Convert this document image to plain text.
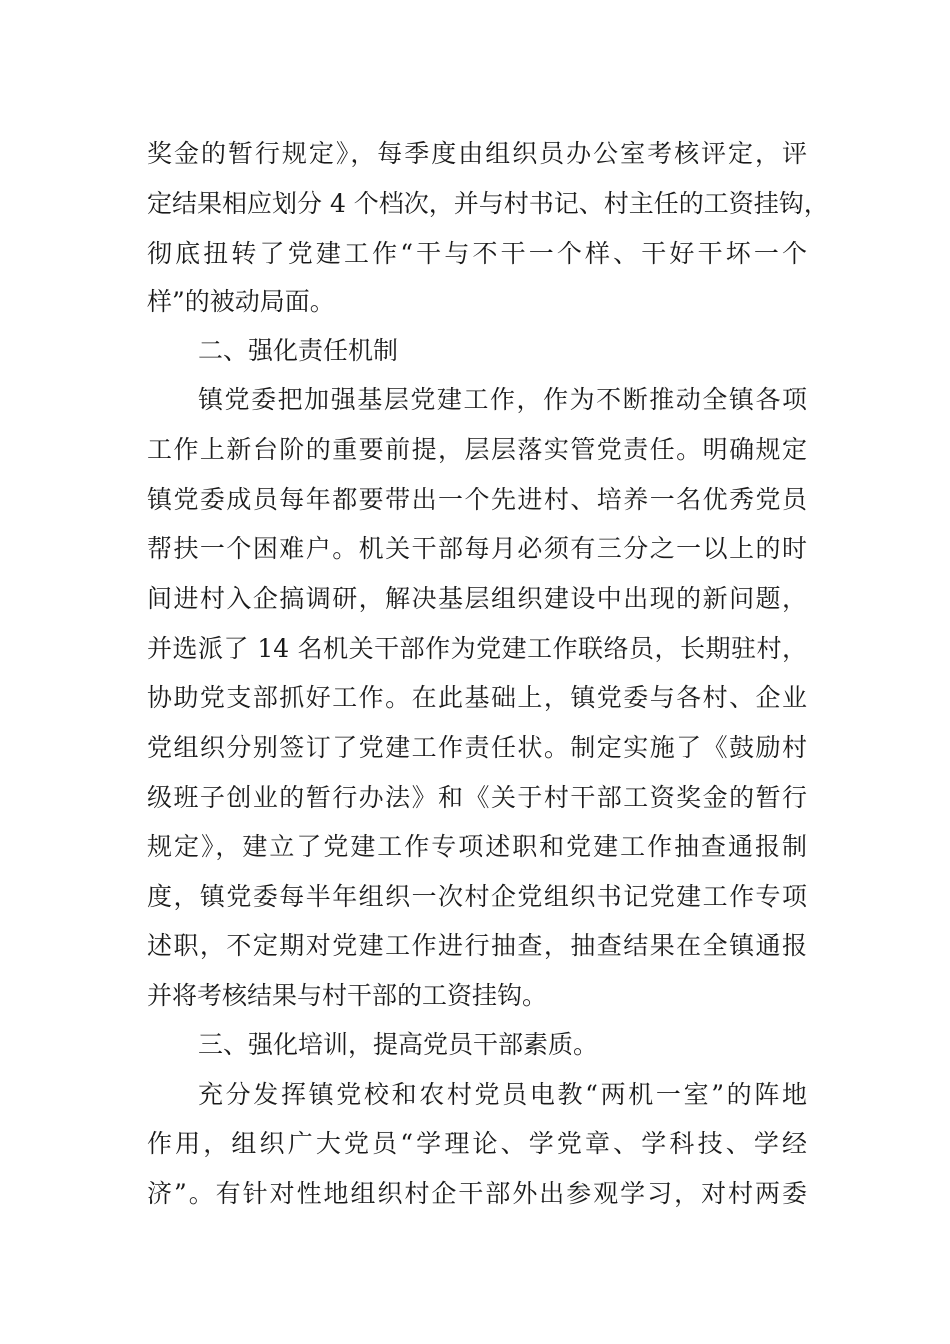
奖金的暂行规定》，每季度由组织员办公室考核评定，评
定结果相应划分 4 个档次，并与村书记、村主任的工资挂钩，
彻底扭转了党建工作“干与不干一个样、干好干坏一个
样”的被动局面。
二、强化责任机制
镇党委把加强基层党建工作，作为不断推动全镇各项
工作上新台阶的重要前提，层层落实管党责任。明确规定
镇党委成员每年都要带出一个先进村、培养一名优秀党员
帮扶一个困难户。机关干部每月必须有三分之一以上的时
间进村入企搞调研，解决基层组织建设中出现的新问题，
并选派了 14 名机关干部作为党建工作联络员，长期驻村，
协助党支部抓好工作。在此基础上，镇党委与各村、企业
党组织分别签订了党建工作责任状。制定实施了《鼓励村
级班子创业的暂行办法》和《关于村干部工资奖金的暂行
规定》，建立了党建工作专项述职和党建工作抽查通报制
度，镇党委每半年组织一次村企党组织书记党建工作专项
述职，不定期对党建工作进行抽查，抽查结果在全镇通报
并将考核结果与村干部的工资挂钩。
三、强化培训，提高党员干部素质。
充分发挥镇党校和农村党员电教“两机一室”的阵地
作用，组织广大党员“学理论、学党章、学科技、学经
济”。有针对性地组织村企干部外出参观学习，对村两委
